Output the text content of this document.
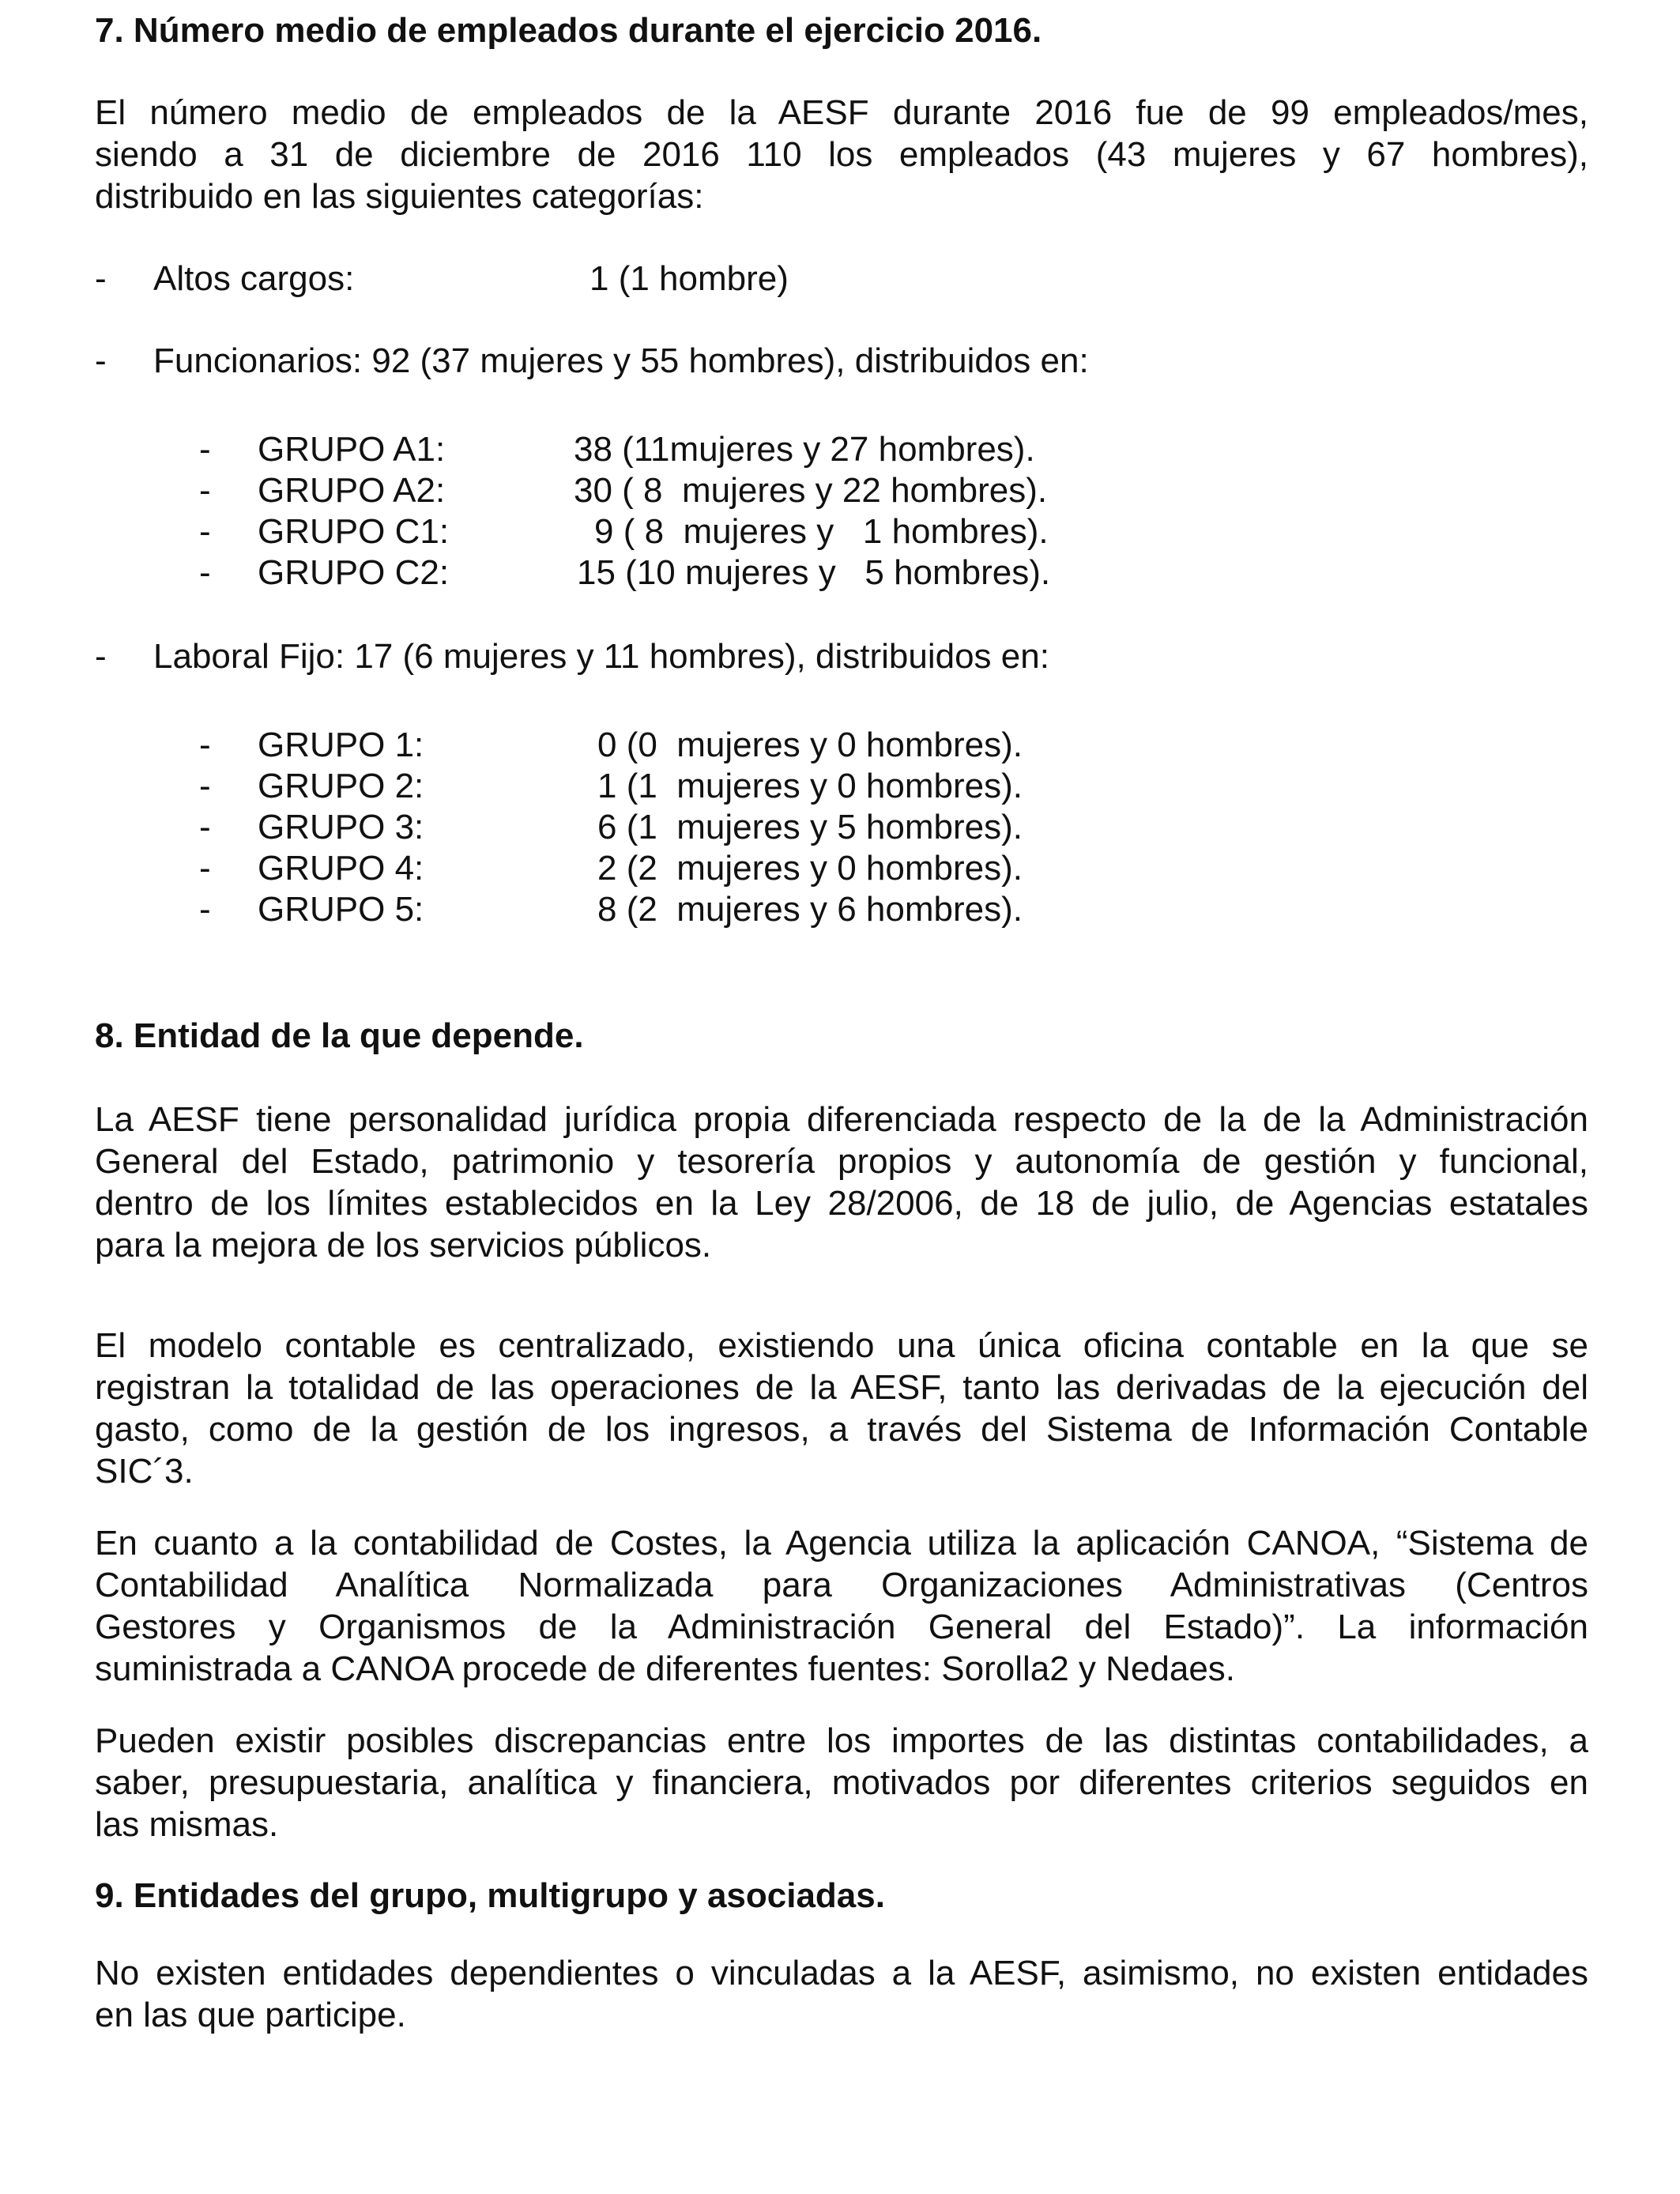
7. Número medio de empleados durante el ejercicio 2016.
El número medio de empleados de la AESF durante 2016 fue de 99 empleados/mes,
siendo a 31 de diciembre de 2016 110 los empleados (43 mujeres y 67 hombres),
distribuido en las siguientes categorías:
- Altos cargos:	1 (1 hombre)
- Funcionarios: 92 (37 mujeres y 55 hombres), distribuidos en:
- GRUPO A1:	38 (11mujeres y 27 hombres).
- GRUPO A2:	30 ( 8  mujeres y 22 hombres).
- GRUPO C1:	9 ( 8  mujeres y   1 hombres).
- GRUPO C2:	15 (10 mujeres y   5 hombres).
- Laboral Fijo: 17 (6 mujeres y 11 hombres), distribuidos en:
- GRUPO 1:	0 (0  mujeres y 0 hombres).
- GRUPO 2:	1 (1  mujeres y 0 hombres).
- GRUPO 3:	6 (1  mujeres y 5 hombres).
- GRUPO 4:	2 (2  mujeres y 0 hombres).
- GRUPO 5:	8 (2  mujeres y 6 hombres).
8. Entidad de la que depende.
La AESF tiene personalidad jurídica propia diferenciada respecto de la de la Administración
General del Estado, patrimonio y tesorería propios y autonomía de gestión y funcional,
dentro de los límites establecidos en la Ley 28/2006, de 18 de julio, de Agencias estatales
para la mejora de los servicios públicos.
El modelo contable es centralizado, existiendo una única oficina contable en la que se
registran la totalidad de las operaciones de la AESF, tanto las derivadas de la ejecución del
gasto, como de la gestión de los ingresos, a través del Sistema de Información Contable
SIC´3.
En cuanto a la contabilidad de Costes, la Agencia utiliza la aplicación CANOA, “Sistema de
Contabilidad Analítica Normalizada para Organizaciones Administrativas (Centros
Gestores y Organismos de la Administración General del Estado)”. La información
suministrada a CANOA procede de diferentes fuentes: Sorolla2 y Nedaes.
Pueden existir posibles discrepancias entre los importes de las distintas contabilidades, a
saber, presupuestaria, analítica y financiera, motivados por diferentes criterios seguidos en
las mismas.
9. Entidades del grupo, multigrupo y asociadas.
No existen entidades dependientes o vinculadas a la AESF, asimismo, no existen entidades
en las que participe.
